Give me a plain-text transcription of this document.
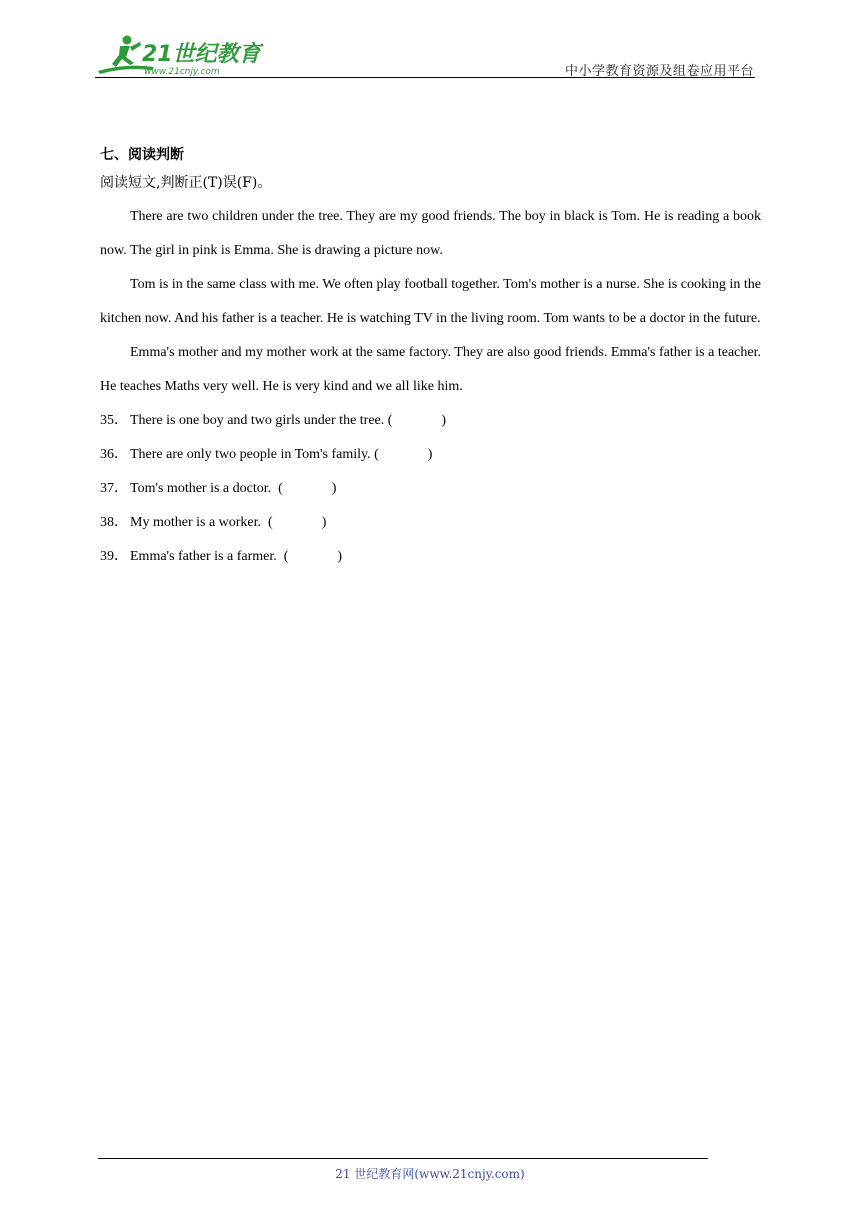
21世纪教育
www.21cnjy.com	中小学教育资源及组卷应用平台

七、阅读判断

阅读短文,判断正(T)误(F)。

There are two children under the tree. They are my good friends. The boy in black is Tom. He is reading a book now. The girl in pink is Emma. She is drawing a picture now.

Tom is in the same class with me. We often play football together. Tom's mother is a nurse. She is cooking in the kitchen now. And his father is a teacher. He is watching TV in the living room. Tom wants to be a doctor in the future.

Emma's mother and my mother work at the same factory. They are also good friends. Emma's father is a teacher. He teaches Maths very well. He is very kind and we all like him.

35． There is one boy and two girls under the tree. (              )

36． There are only two people in Tom's family. (              )

37． Tom's mother is a doctor.  (              )

38． My mother is a worker.  (              )

39． Emma's father is a farmer.  (              )

21 世纪教育网(www.21cnjy.com)
